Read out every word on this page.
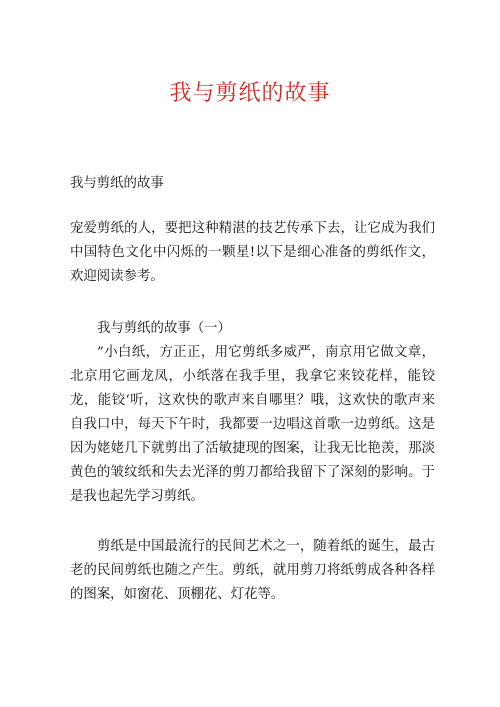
我与剪纸的故事

我与剪纸的故事

宠爱剪纸的人，要把这种精湛的技艺传承下去，让它成为我们中国特色文化中闪烁的一颗星!以下是细心准备的剪纸作文，欢迎阅读参考。

我与剪纸的故事（一）

”小白纸，方正正，用它剪纸多威严，南京用它做文章，北京用它画龙凤，小纸落在我手里，我拿它来铰花样，能铰龙，能铰‘听，这欢快的歌声来自哪里？哦，这欢快的歌声来自我口中，每天下午时，我都要一边唱这首歌一边剪纸。这是因为姥姥几下就剪出了活敏捷现的图案，让我无比艳羡，那淡黄色的皱纹纸和失去光泽的剪刀都给我留下了深刻的影响。于是我也起先学习剪纸。

剪纸是中国最流行的民间艺术之一，随着纸的诞生，最古老的民间剪纸也随之产生。剪纸，就用剪刀将纸剪成各种各样的图案，如窗花、顶棚花、灯花等。
